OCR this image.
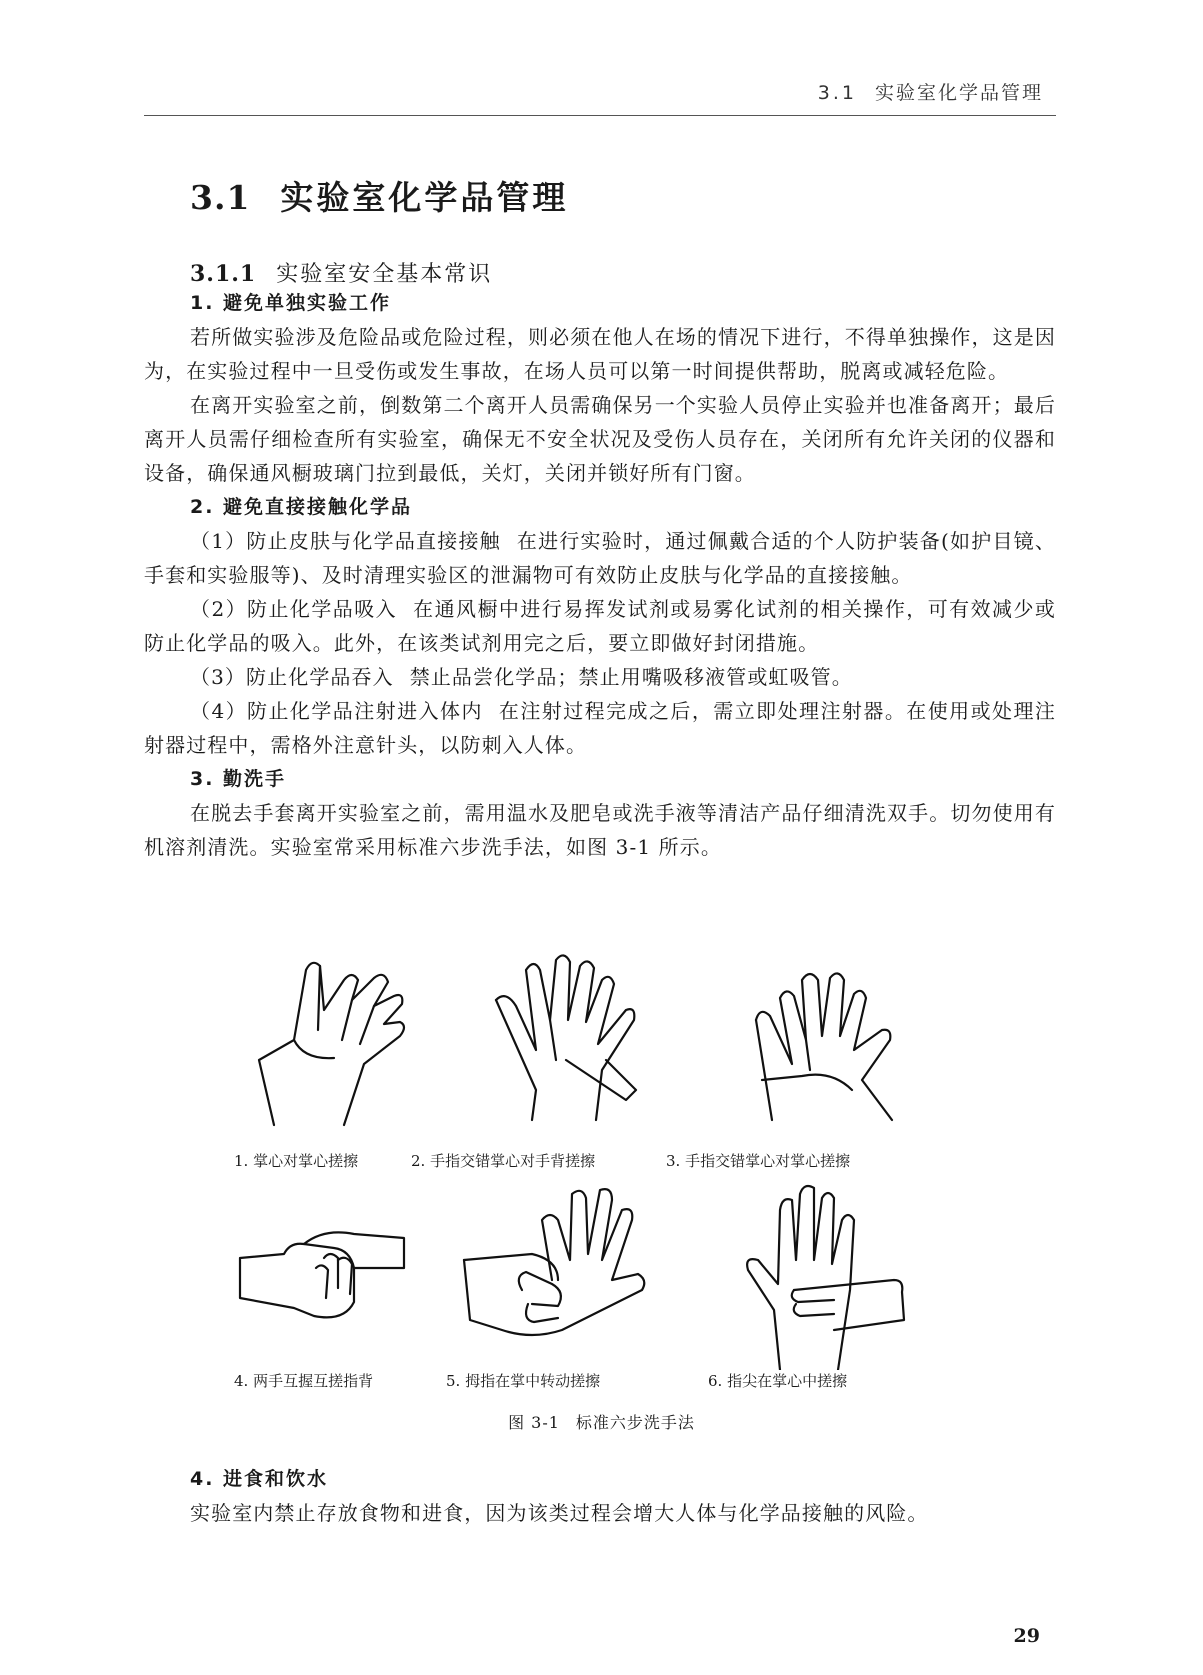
3.1 实验室化学品管理
3.1 实验室化学品管理
3.1.1 实验室安全基本常识
1. 避免单独实验工作

若所做实验涉及危险品或危险过程，则必须在他人在场的情况下进行，不得单独操作，这是因为，在实验过程中一旦受伤或发生事故，在场人员可以第一时间提供帮助，脱离或减轻危险。

在离开实验室之前，倒数第二个离开人员需确保另一个实验人员停止实验并也准备离开；最后离开人员需仔细检查所有实验室，确保无不安全状况及受伤人员存在，关闭所有允许关闭的仪器和设备，确保通风橱玻璃门拉到最低，关灯，关闭并锁好所有门窗。

2. 避免直接接触化学品

（1）防止皮肤与化学品直接接触 在进行实验时，通过佩戴合适的个人防护装备(如护目镜、手套和实验服等)、及时清理实验区的泄漏物可有效防止皮肤与化学品的直接接触。

（2）防止化学品吸入 在通风橱中进行易挥发试剂或易雾化试剂的相关操作，可有效减少或防止化学品的吸入。此外，在该类试剂用完之后，要立即做好封闭措施。

（3）防止化学品吞入 禁止品尝化学品；禁止用嘴吸移液管或虹吸管。

（4）防止化学品注射进入体内 在注射过程完成之后，需立即处理注射器。在使用或处理注射器过程中，需格外注意针头，以防刺入人体。

3. 勤洗手

在脱去手套离开实验室之前，需用温水及肥皂或洗手液等清洁产品仔细清洗双手。切勿使用有机溶剂清洗。实验室常采用标准六步洗手法，如图 3-1 所示。

1. 掌心对掌心搓擦	2. 手指交错掌心对手背搓擦	3. 手指交错掌心对掌心搓擦
4. 两手互握互搓指背	5. 拇指在掌中转动搓擦	6. 指尖在掌心中搓擦
图 3-1 标准六步洗手法
4. 进食和饮水

实验室内禁止存放食物和进食，因为该类过程会增大人体与化学品接触的风险。

29
